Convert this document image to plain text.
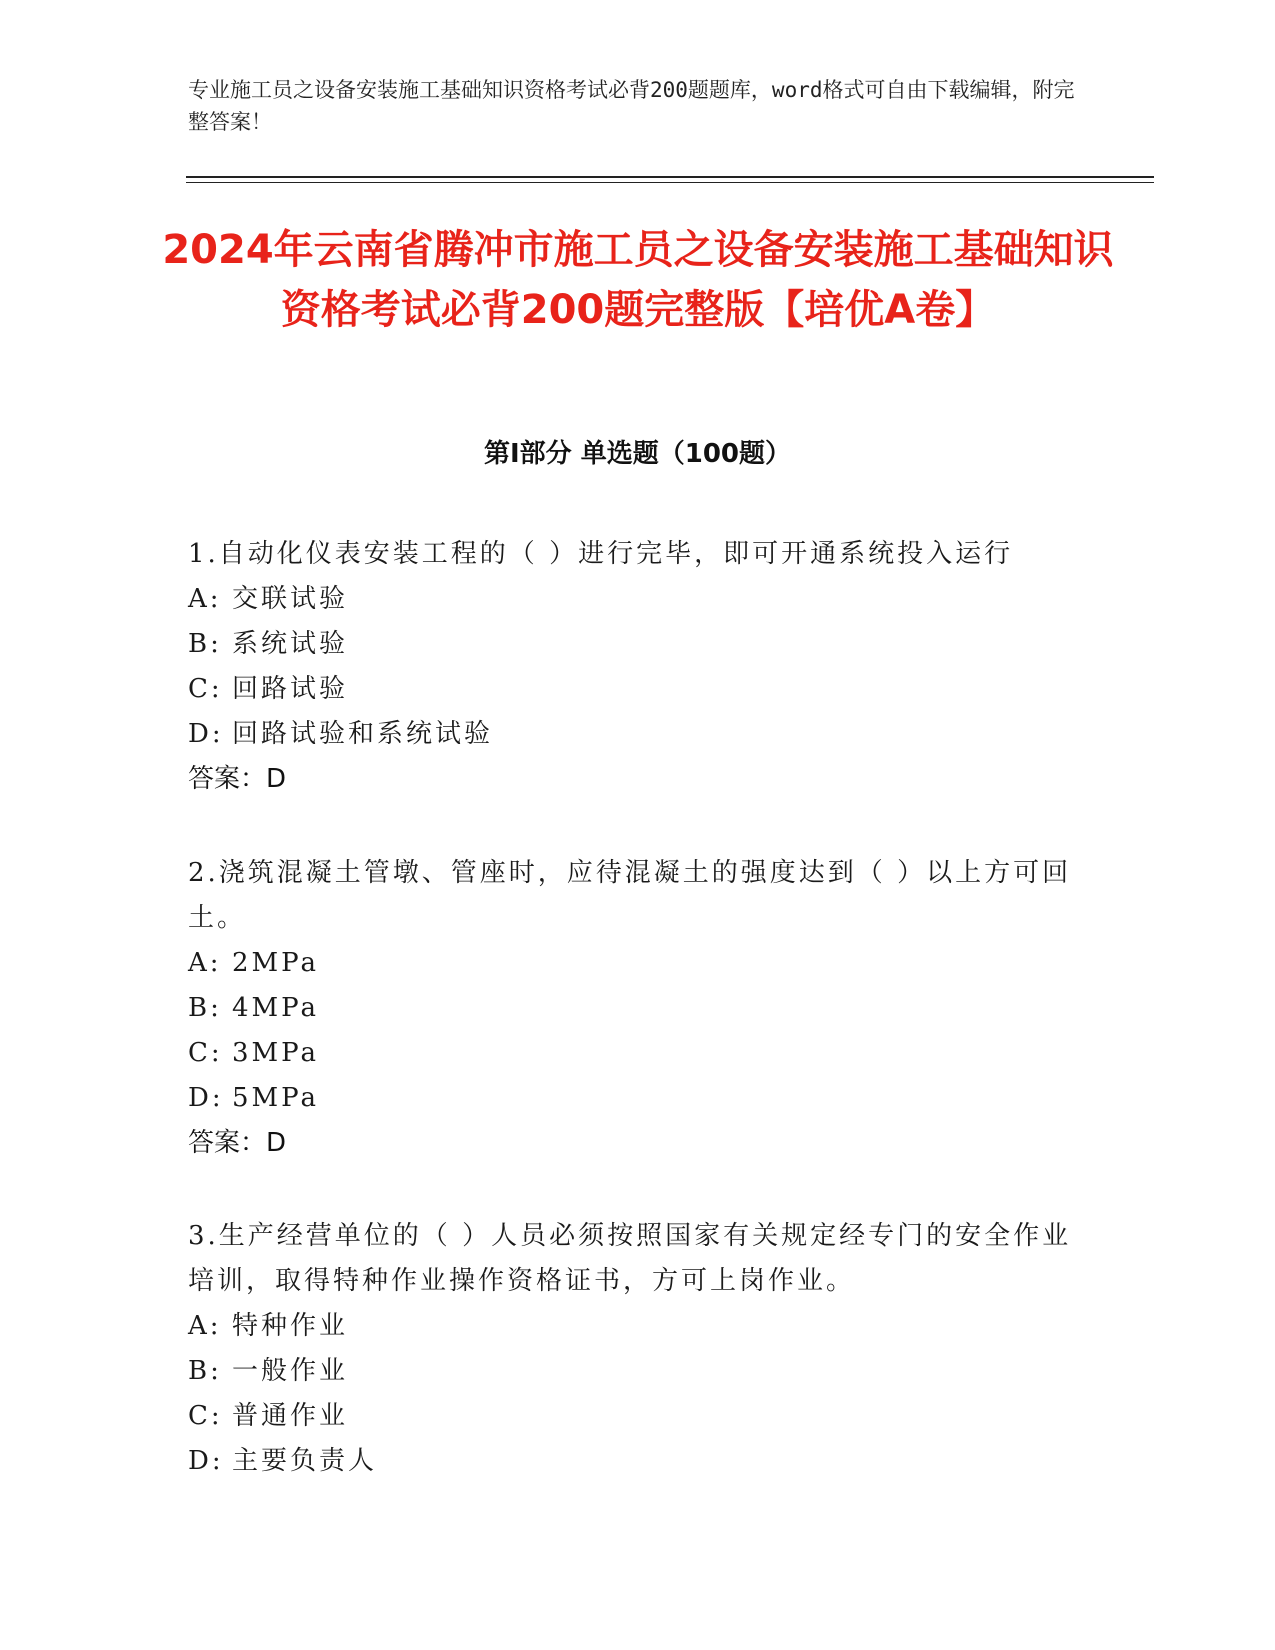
专业施工员之设备安装施工基础知识资格考试必背200题题库，word格式可自由下载编辑，附完整答案！
2024年云南省腾冲市施工员之设备安装施工基础知识资格考试必背200题完整版【培优A卷】
第Ⅰ部分 单选题（100题）
1.自动化仪表安装工程的（ ）进行完毕，即可开通系统投入运行
A: 交联试验
B: 系统试验
C: 回路试验
D: 回路试验和系统试验
答案：D
2.浇筑混凝土管墩、管座时，应待混凝土的强度达到（ ）以上方可回土。
A: 2MPa
B: 4MPa
C: 3MPa
D: 5MPa
答案：D
3.生产经营单位的（ ）人员必须按照国家有关规定经专门的安全作业培训，取得特种作业操作资格证书，方可上岗作业。
A: 特种作业
B: 一般作业
C: 普通作业
D: 主要负责人
